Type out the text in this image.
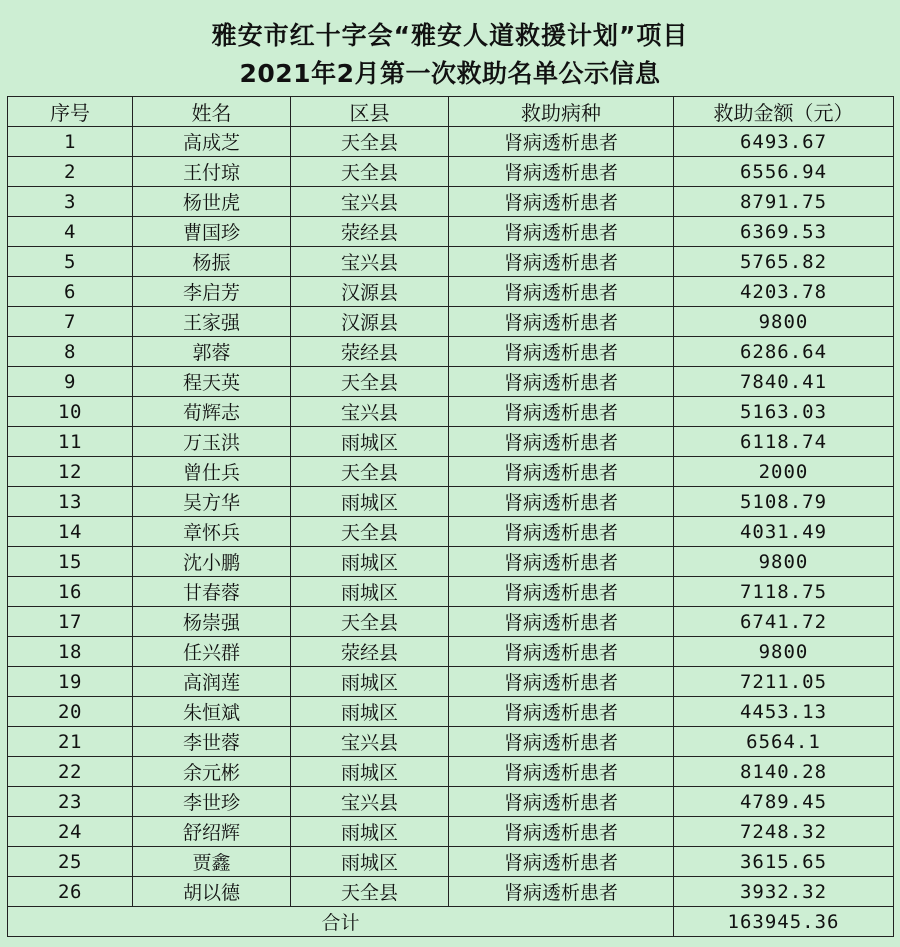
雅安市红十字会“雅安人道救援计划”项目
2021年2月第一次救助名单公示信息
序号	姓名	区县	救助病种	救助金额（元）
1	高成芝	天全县	肾病透析患者	6493.67
2	王付琼	天全县	肾病透析患者	6556.94
3	杨世虎	宝兴县	肾病透析患者	8791.75
4	曹国珍	荥经县	肾病透析患者	6369.53
5	杨振	宝兴县	肾病透析患者	5765.82
6	李启芳	汉源县	肾病透析患者	4203.78
7	王家强	汉源县	肾病透析患者	9800
8	郭蓉	荥经县	肾病透析患者	6286.64
9	程天英	天全县	肾病透析患者	7840.41
10	荀辉志	宝兴县	肾病透析患者	5163.03
11	万玉洪	雨城区	肾病透析患者	6118.74
12	曾仕兵	天全县	肾病透析患者	2000
13	吴方华	雨城区	肾病透析患者	5108.79
14	章怀兵	天全县	肾病透析患者	4031.49
15	沈小鹏	雨城区	肾病透析患者	9800
16	甘春蓉	雨城区	肾病透析患者	7118.75
17	杨崇强	天全县	肾病透析患者	6741.72
18	任兴群	荥经县	肾病透析患者	9800
19	高润莲	雨城区	肾病透析患者	7211.05
20	朱恒斌	雨城区	肾病透析患者	4453.13
21	李世蓉	宝兴县	肾病透析患者	6564.1
22	余元彬	雨城区	肾病透析患者	8140.28
23	李世珍	宝兴县	肾病透析患者	4789.45
24	舒绍辉	雨城区	肾病透析患者	7248.32
25	贾鑫	雨城区	肾病透析患者	3615.65
26	胡以德	天全县	肾病透析患者	3932.32
合计				163945.36
